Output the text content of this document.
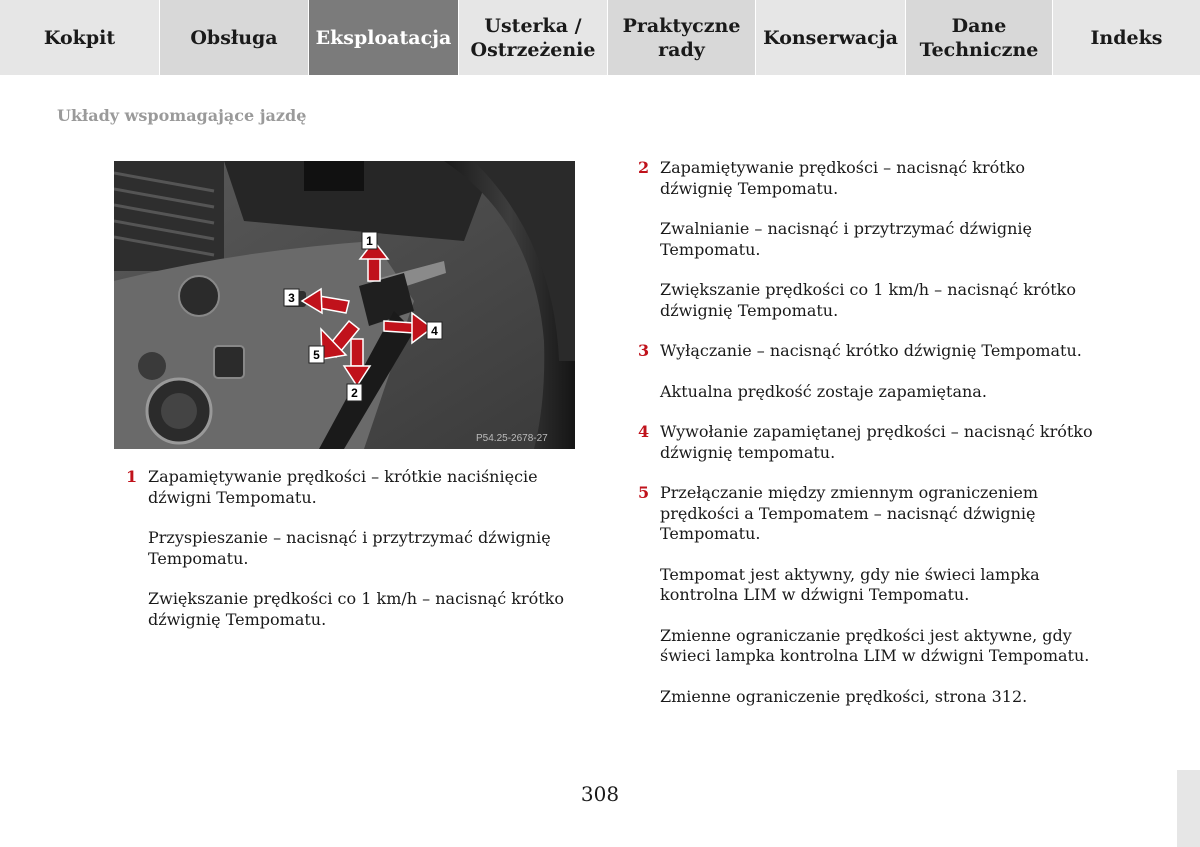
Kokpit	Obsługa	Eksploatacja
Usterka /
Ostrzeżenie
Praktyczne
rady
Konserwacja
Dane
Techniczne
Indeks
Układy wspomagające jazdę
1
2
3
4
5
P54.25-2678-27
1 Zapamiętywanie prędkości – krótkie naciśnięcie dźwigni Tempomatu.

Przyspieszanie – nacisnąć i przytrzymać dźwignię Tempomatu.

Zwiększanie prędkości co 1 km/h – nacisnąć krótko dźwignię Tempomatu.

2 Zapamiętywanie prędkości – nacisnąć krótko dźwignię Tempomatu.

Zwalnianie – nacisnąć i przytrzymać dźwignię Tempomatu.

Zwiększanie prędkości co 1 km/h – nacisnąć krótko dźwignię Tempomatu.

3 Wyłączanie – nacisnąć krótko dźwignię Tempomatu.

Aktualna prędkość zostaje zapamiętana.

4 Wywołanie zapamiętanej prędkości – nacisnąć krótko dźwignię tempomatu.

5 Przełączanie między zmiennym ograniczeniem prędkości a Tempomatem – nacisnąć dźwignię Tempomatu.

Tempomat jest aktywny, gdy nie świeci lampka kontrolna LIM w dźwigni Tempomatu.

Zmienne ograniczanie prędkości jest aktywne, gdy świeci lampka kontrolna LIM w dźwigni Tempomatu.

Zmienne ograniczenie prędkości, strona 312.

308
